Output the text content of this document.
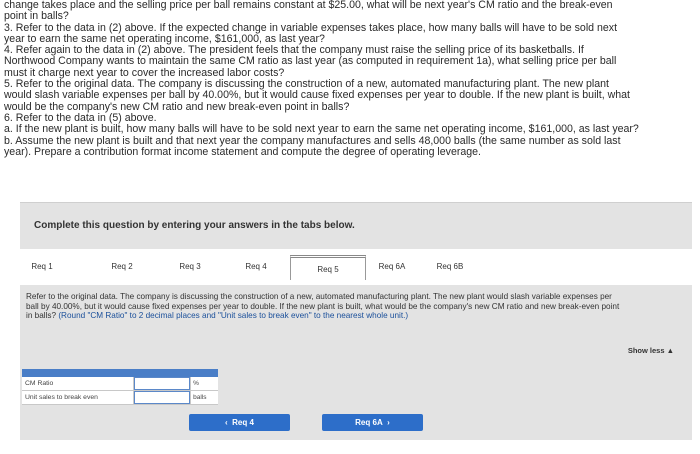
change takes place and the selling price per ball remains constant at $25.00, what will be next year's CM ratio and the break-even

point in balls?

3. Refer to the data in (2) above. If the expected change in variable expenses takes place, how many balls will have to be sold next

year to earn the same net operating income, $161,000, as last year?

4. Refer again to the data in (2) above. The president feels that the company must raise the selling price of its basketballs. If

Northwood Company wants to maintain the same CM ratio as last year (as computed in requirement 1a), what selling price per ball

must it charge next year to cover the increased labor costs?

5. Refer to the original data. The company is discussing the construction of a new, automated manufacturing plant. The new plant

would slash variable expenses per ball by 40.00%, but it would cause fixed expenses per year to double. If the new plant is built, what

would be the company's new CM ratio and new break-even point in balls?

6. Refer to the data in (5) above.

a. If the new plant is built, how many balls will have to be sold next year to earn the same net operating income, $161,000, as last year?

b. Assume the new plant is built and that next year the company manufactures and sells 48,000 balls (the same number as sold last

year). Prepare a contribution format income statement and compute the degree of operating leverage.

Complete this question by entering your answers in the tabs below.
Req 1	Req 2	Req 3	Req 4	Req 5	Req 6A	Req 6B
Refer to the original data. The company is discussing the construction of a new, automated manufacturing plant. The new plant would slash variable expenses per ball by 40.00%, but it would cause fixed expenses per year to double. If the new plant is built, what would be the company's new CM ratio and new break-even point in balls? (Round "CM Ratio" to 2 decimal places and "Unit sales to break even" to the nearest whole unit.)
Show less ▲
CM Ratio	%
Unit sales to break even	balls
‹ Req 4	Req 6A ›
